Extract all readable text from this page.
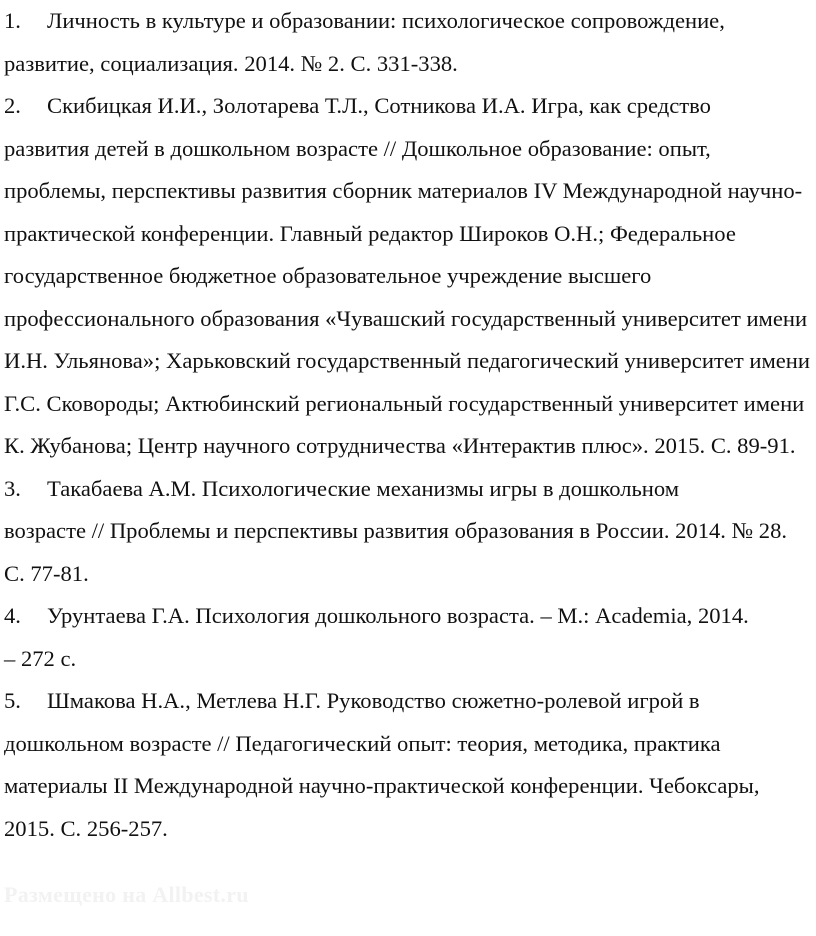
1. Личность в культуре и образовании: психологическое сопровождение,
развитие, социализация. 2014. № 2. С. 331-338.

2. Скибицкая И.И., Золотарева Т.Л., Сотникова И.А. Игра, как средство
развития детей в дошкольном возрасте // Дошкольное образование: опыт, проблемы, перспективы развития сборник материалов IV Международной научно-практической конференции. Главный редактор Широков О.Н.; Федеральное государственное бюджетное образовательное учреждение высшего профессионального образования «Чувашский государственный университет имени И.Н. Ульянова»; Харьковский государственный педагогический университет имени Г.С. Сковороды; Актюбинский региональный государственный университет имени К. Жубанова; Центр научного сотрудничества «Интерактив плюс». 2015. С. 89-91.

3. Такабаева А.М. Психологические механизмы игры в дошкольном
возрасте // Проблемы и перспективы развития образования в России. 2014. № 28. С. 77-81.

4. Урунтаева Г.А. Психология дошкольного возраста. – М.: Academia, 2014.
– 272 с.

5. Шмакова Н.А., Метлева Н.Г. Руководство сюжетно-ролевой игрой в
дошкольном возрасте // Педагогический опыт: теория, методика, практика материалы II Международной научно-практической конференции. Чебоксары, 2015. С. 256-257.

Размещено на Allbest.ru
